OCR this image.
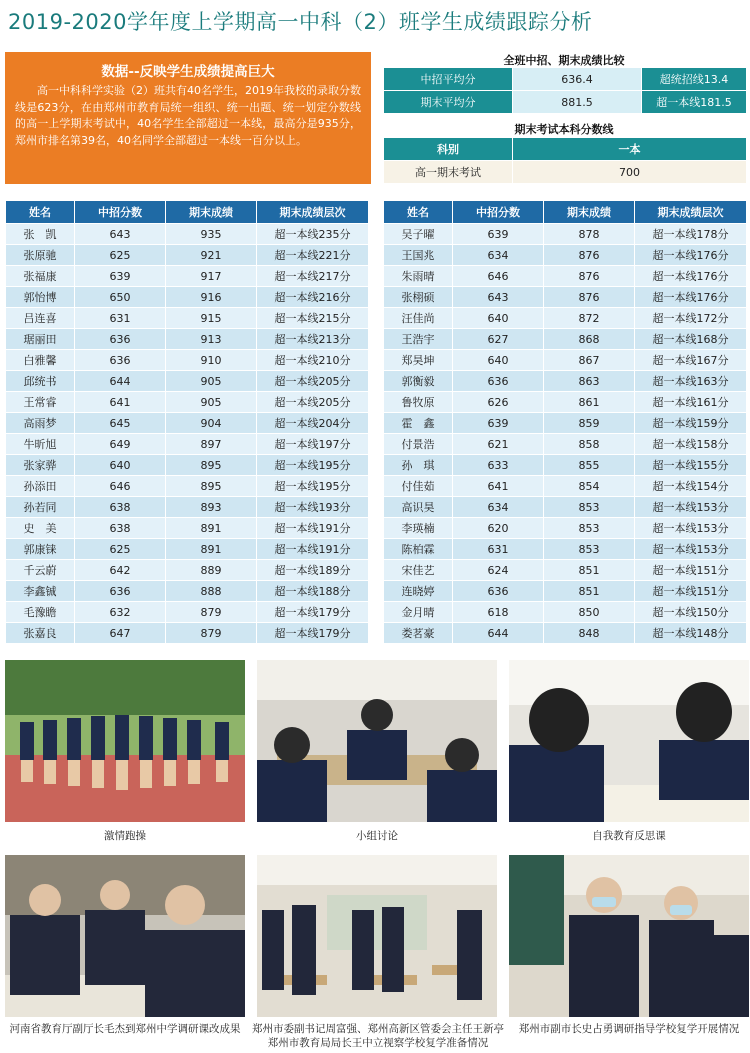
2019-2020学年度上学期高一中科（2）班学生成绩跟踪分析
数据--反映学生成绩提高巨大
高一中科科学实验（2）班共有40名学生，2019年我校的录取分数线是623分，在由郑州市教育局统一组织、统一出题、统一划定分数线的高一上学期末考试中，40名学生全部超过一本线，最高分是935分，郑州市排名第39名，40名同学全部超过一本线一百分以上。
全班中招、期末成绩比较
中招平均分	636.4	超统招线13.4
期末平均分	881.5	超一本线181.5
期末考试本科分数线
科别	一本
高一期末考试	700
姓名	中招分数	期末成绩	期末成绩层次
张　凯	643	935	超一本线235分
张原驰	625	921	超一本线221分
张福康	639	917	超一本线217分
郭怡博	650	916	超一本线216分
吕连喜	631	915	超一本线215分
琚丽田	636	913	超一本线213分
白雅馨	636	910	超一本线210分
邱统书	644	905	超一本线205分
王常睿	641	905	超一本线205分
高雨梦	645	904	超一本线204分
牛昕旭	649	897	超一本线197分
张家骅	640	895	超一本线195分
孙添田	646	895	超一本线195分
孙若同	638	893	超一本线193分
史　美	638	891	超一本线191分
郭康铼	625	891	超一本线191分
千云蔚	642	889	超一本线189分
李鑫铖	636	888	超一本线188分
毛豫瞻	632	879	超一本线179分
张嘉良	647	879	超一本线179分
姓名	中招分数	期末成绩	期末成绩层次
吴子曜	639	878	超一本线178分
王国兆	634	876	超一本线176分
朱雨晴	646	876	超一本线176分
张栩硕	643	876	超一本线176分
汪佳尚	640	872	超一本线172分
王浩宇	627	868	超一本线168分
郑昊坤	640	867	超一本线167分
郭衡毅	636	863	超一本线163分
鲁牧原	626	861	超一本线161分
霍　鑫	639	859	超一本线159分
付景浩	621	858	超一本线158分
孙　琪	633	855	超一本线155分
付佳茹	641	854	超一本线154分
高识昊	634	853	超一本线153分
李瑛楠	620	853	超一本线153分
陈柏霖	631	853	超一本线153分
宋佳艺	624	851	超一本线151分
连晓婷	636	851	超一本线151分
金月晴	618	850	超一本线150分
娄茗豪	644	848	超一本线148分
激情跑操	小组讨论	自我教育反思课
河南省教育厅副厅长毛杰到郑州中学调研课改成果	郑州市委副书记周富强、郑州高新区管委会主任王新亭郑州市教育局局长王中立视察学校复学准备情况
郑州市副市长史占勇调研指导学校复学开展情况
